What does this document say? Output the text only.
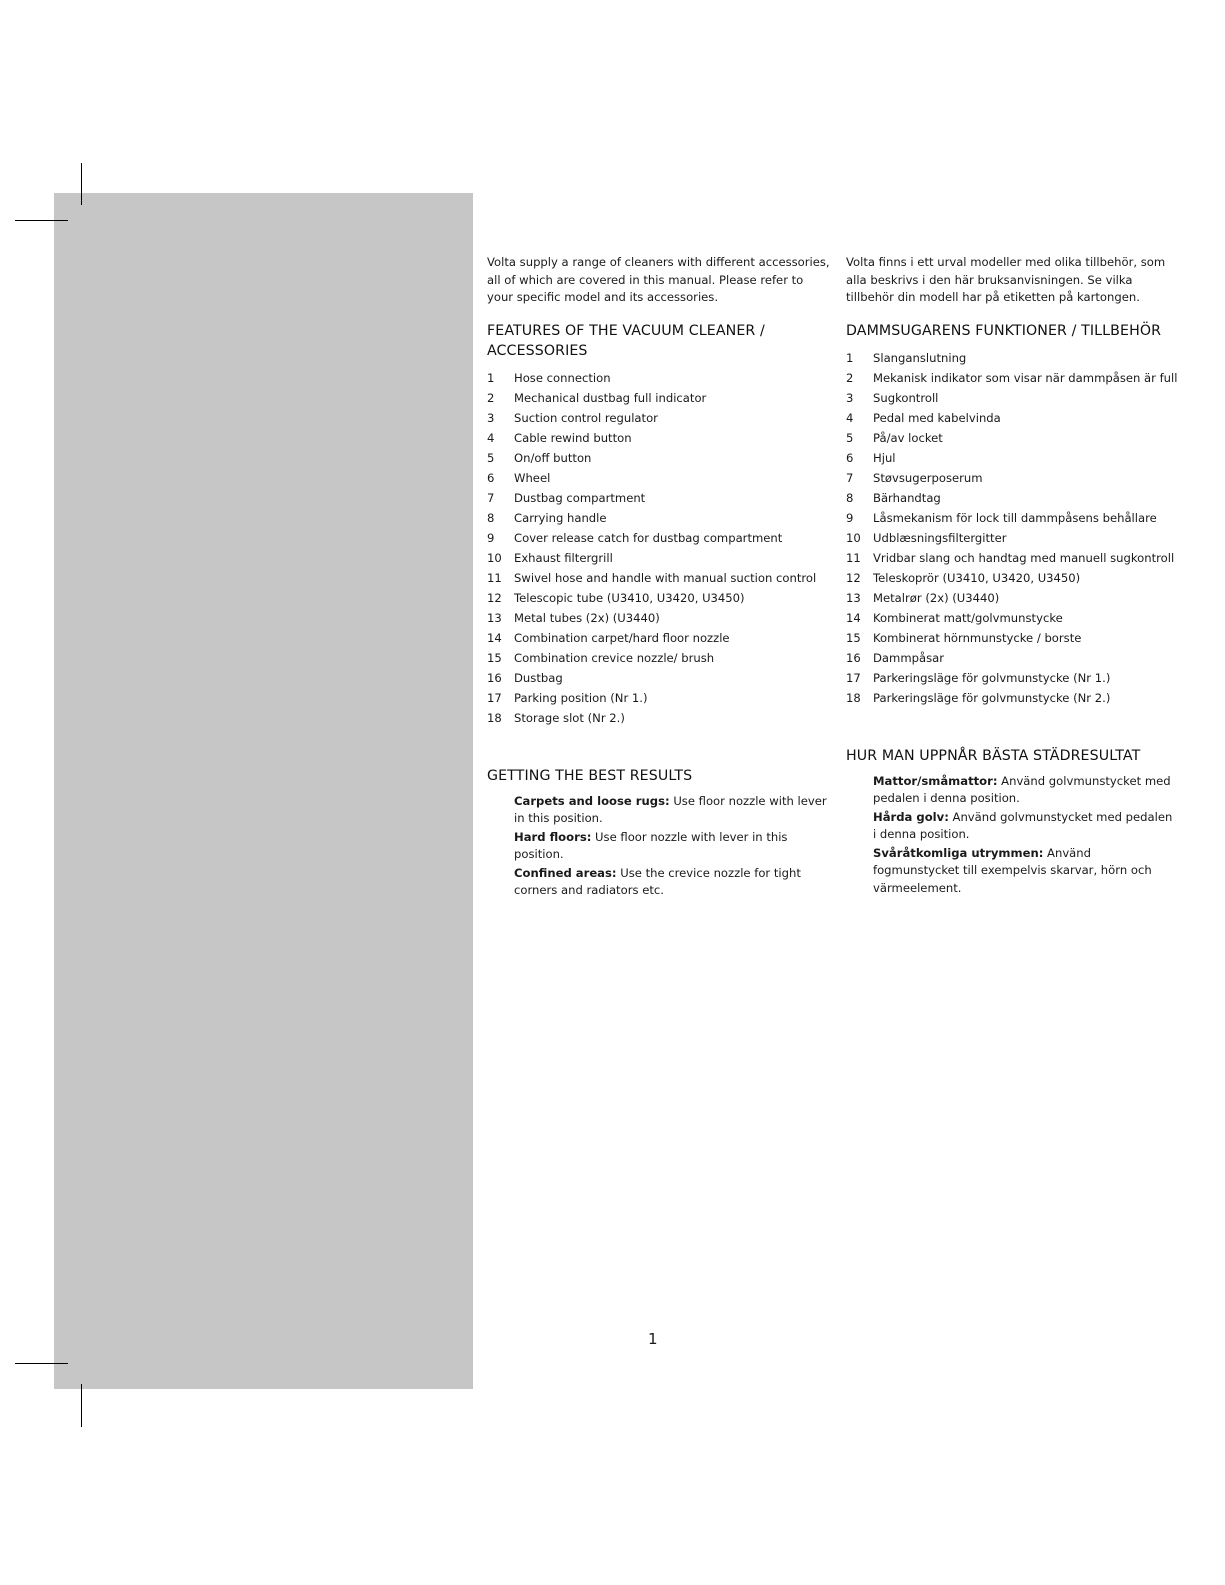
Volta supply a range of cleaners with different accessories, all of which are covered in this manual. Please refer to your specific model and its accessories.

FEATURES OF THE VACUUM CLEANER / ACCESSORIES
1	Hose connection
2	Mechanical dustbag full indicator
3	Suction control regulator
4	Cable rewind button
5	On/off button
6	Wheel
7	Dustbag compartment
8	Carrying handle
9	Cover release catch for dustbag compartment
10	Exhaust filtergrill
11	Swivel hose and handle with manual suction control
12	Telescopic tube (U3410, U3420, U3450)
13	Metal tubes (2x) (U3440)
14	Combination carpet/hard floor nozzle
15	Combination crevice nozzle/ brush
16	Dustbag
17	Parking position (Nr 1.)
18	Storage slot (Nr 2.)
GETTING THE BEST RESULTS

Carpets and loose rugs: Use floor nozzle with lever in this position.

Hard floors: Use floor nozzle with lever in this position.

Confined areas: Use the crevice nozzle for tight corners and radiators etc.

Volta finns i ett urval modeller med olika tillbehör, som alla beskrivs i den här bruksanvisningen. Se vilka tillbehör din modell har på etiketten på kartongen.

DAMMSUGARENS FUNKTIONER / TILLBEHÖR
1	Slanganslutning
2	Mekanisk indikator som visar när dammpåsen är full
3	Sugkontroll
4	Pedal med kabelvinda
5	På/av locket
6	Hjul
7	Støvsugerposerum
8	Bärhandtag
9	Låsmekanism för lock till dammpåsens behållare
10	Udblæsningsfiltergitter
11	Vridbar slang och handtag med manuell sugkontroll
12	Teleskoprör (U3410, U3420, U3450)
13	Metalrør (2x) (U3440)
14	Kombinerat matt/golvmunstycke
15	Kombinerat hörnmunstycke / borste
16	Dammpåsar
17	Parkeringsläge för golvmunstycke (Nr 1.)
18	Parkeringsläge för golvmunstycke (Nr 2.)
HUR MAN UPPNÅR BÄSTA STÄDRESULTAT

Mattor/småmattor: Använd golvmunstycket med pedalen i denna position.

Hårda golv: Använd golvmunstycket med pedalen i denna position.

Svåråtkomliga utrymmen: Använd fogmunstycket till exempelvis skarvar, hörn och värmeelement.

1
